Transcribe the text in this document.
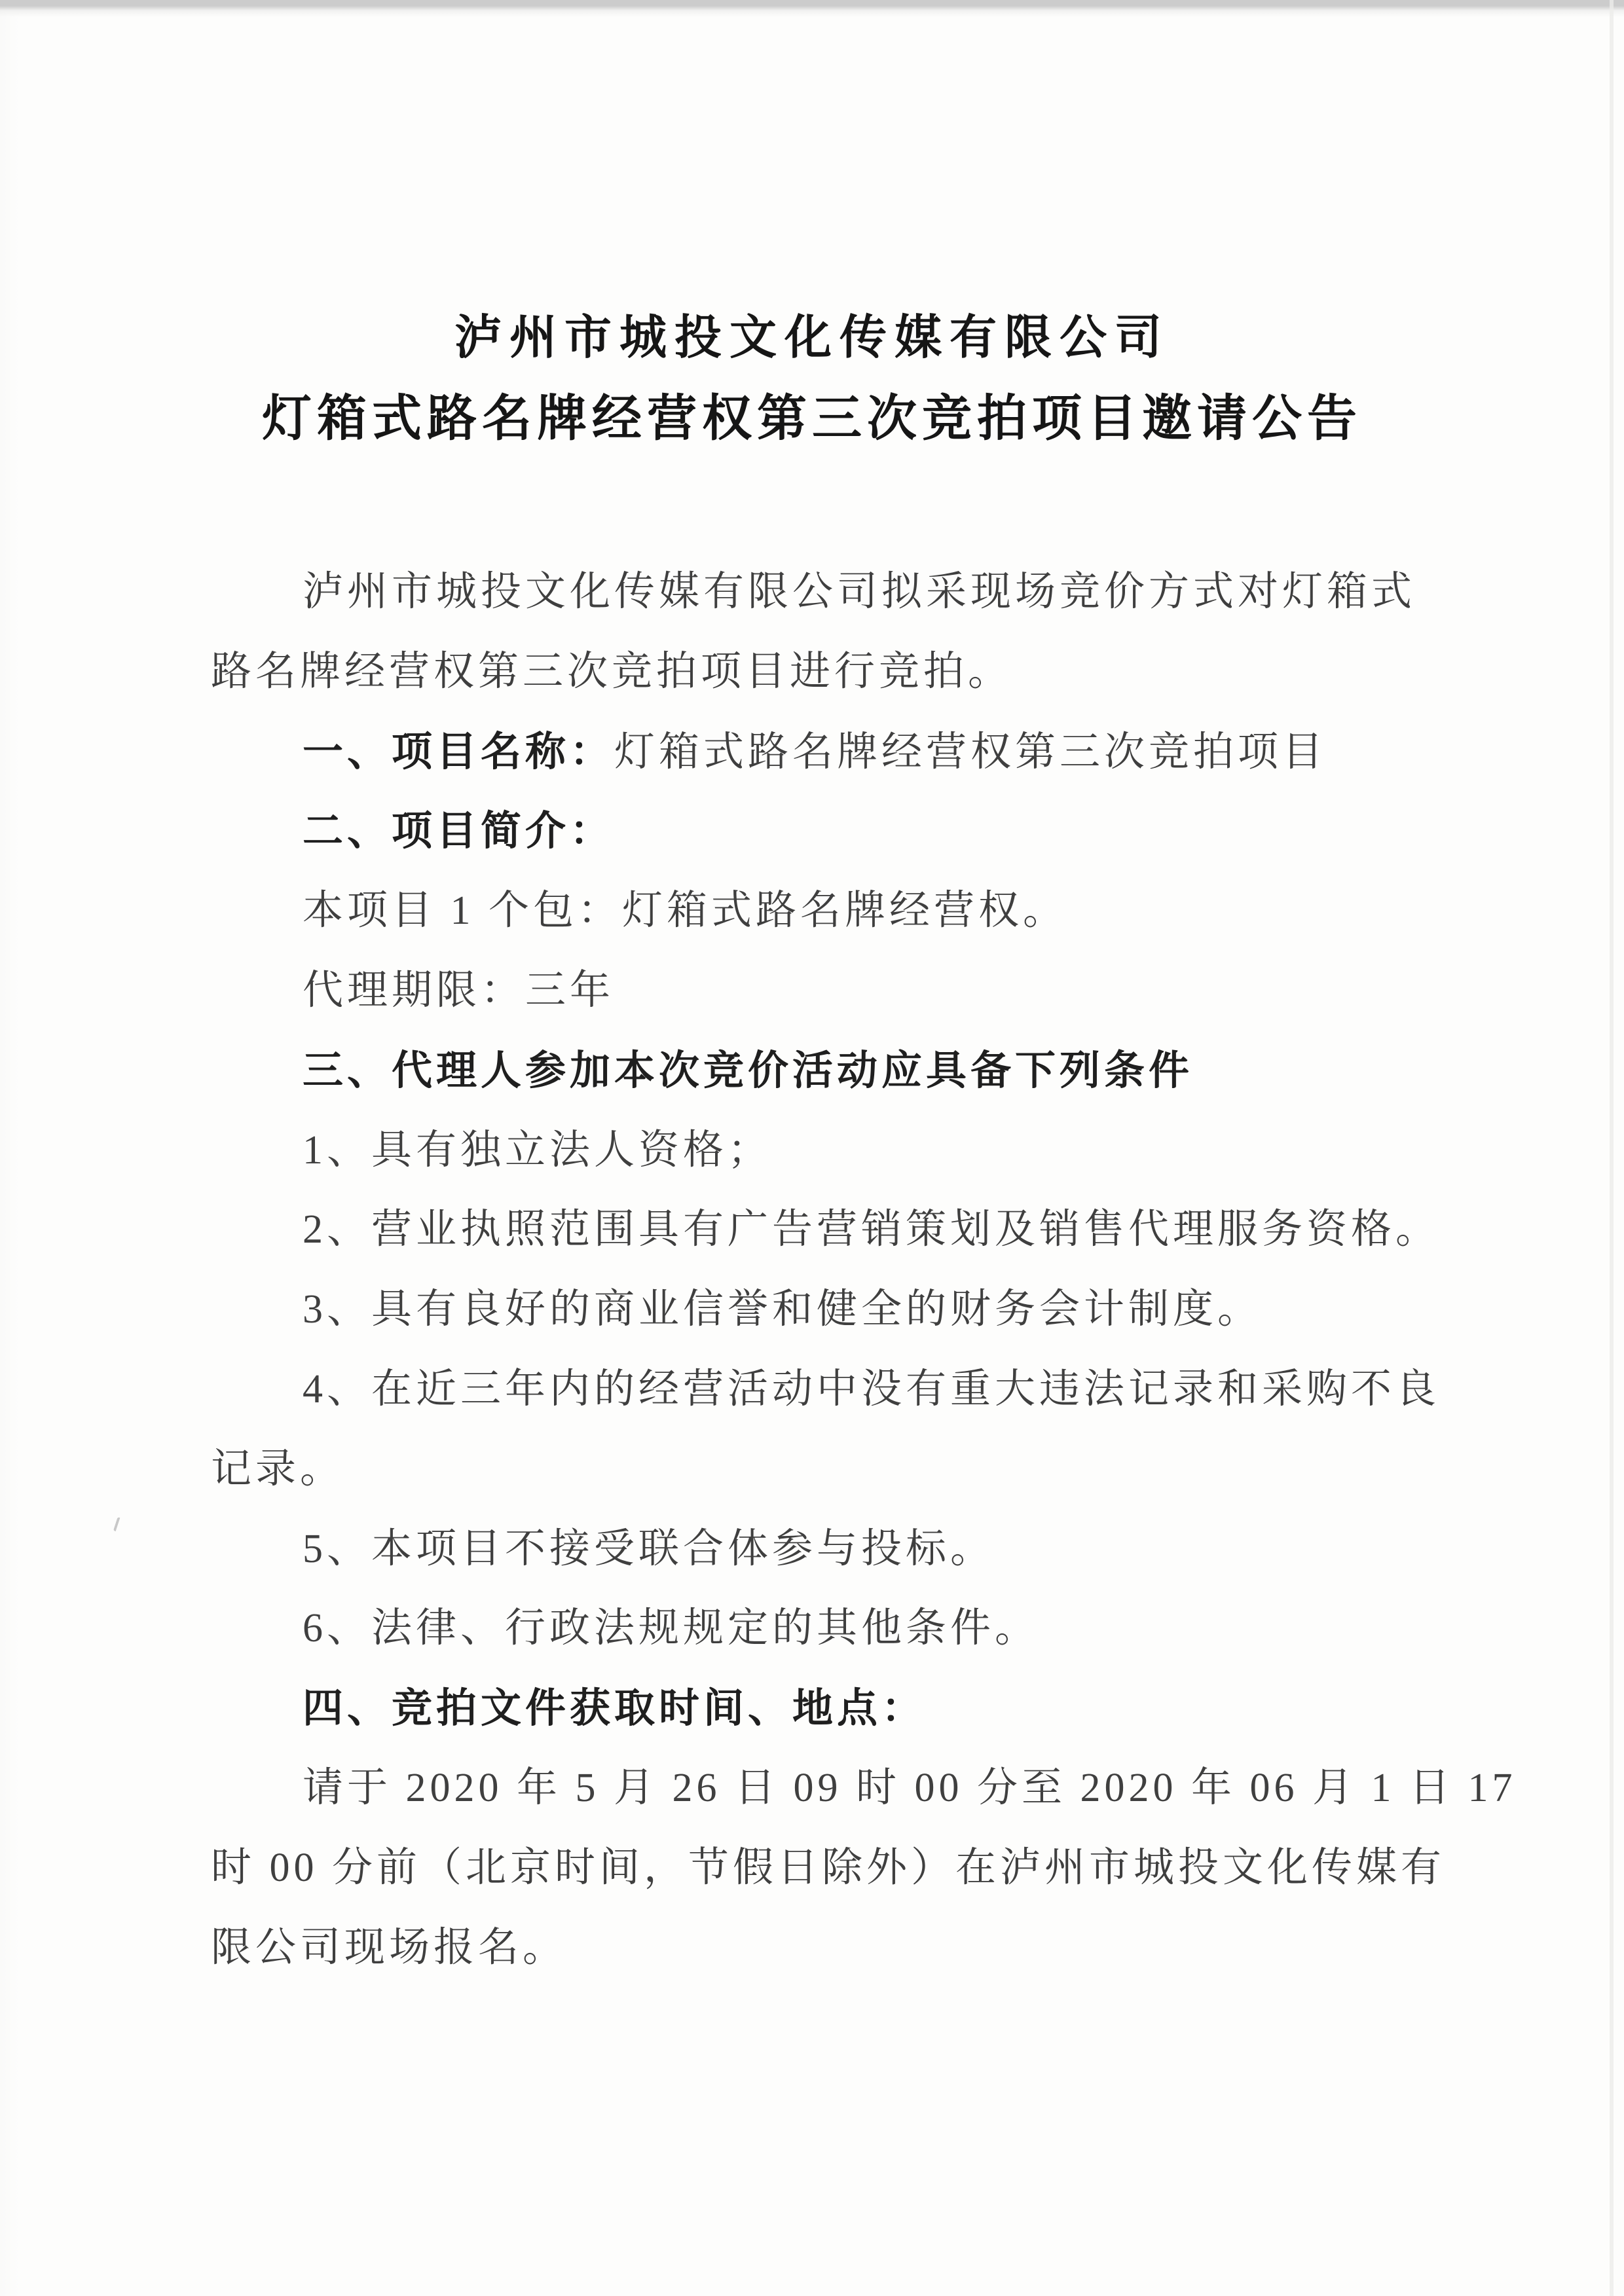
泸州市城投文化传媒有限公司
灯箱式路名牌经营权第三次竞拍项目邀请公告
泸州市城投文化传媒有限公司拟采现场竞价方式对灯箱式
路名牌经营权第三次竞拍项目进行竞拍。
一、项目名称：灯箱式路名牌经营权第三次竞拍项目
二、项目简介：
本项目 1 个包：灯箱式路名牌经营权。
代理期限：三年
三、代理人参加本次竞价活动应具备下列条件
1、具有独立法人资格；
2、营业执照范围具有广告营销策划及销售代理服务资格。
3、具有良好的商业信誉和健全的财务会计制度。
4、在近三年内的经营活动中没有重大违法记录和采购不良
记录。
5、本项目不接受联合体参与投标。
6、法律、行政法规规定的其他条件。
四、竞拍文件获取时间、地点：
请于 2020 年 5 月 26 日 09 时 00 分至 2020 年 06 月 1 日 17
时 00 分前（北京时间，节假日除外）在泸州市城投文化传媒有
限公司现场报名。
